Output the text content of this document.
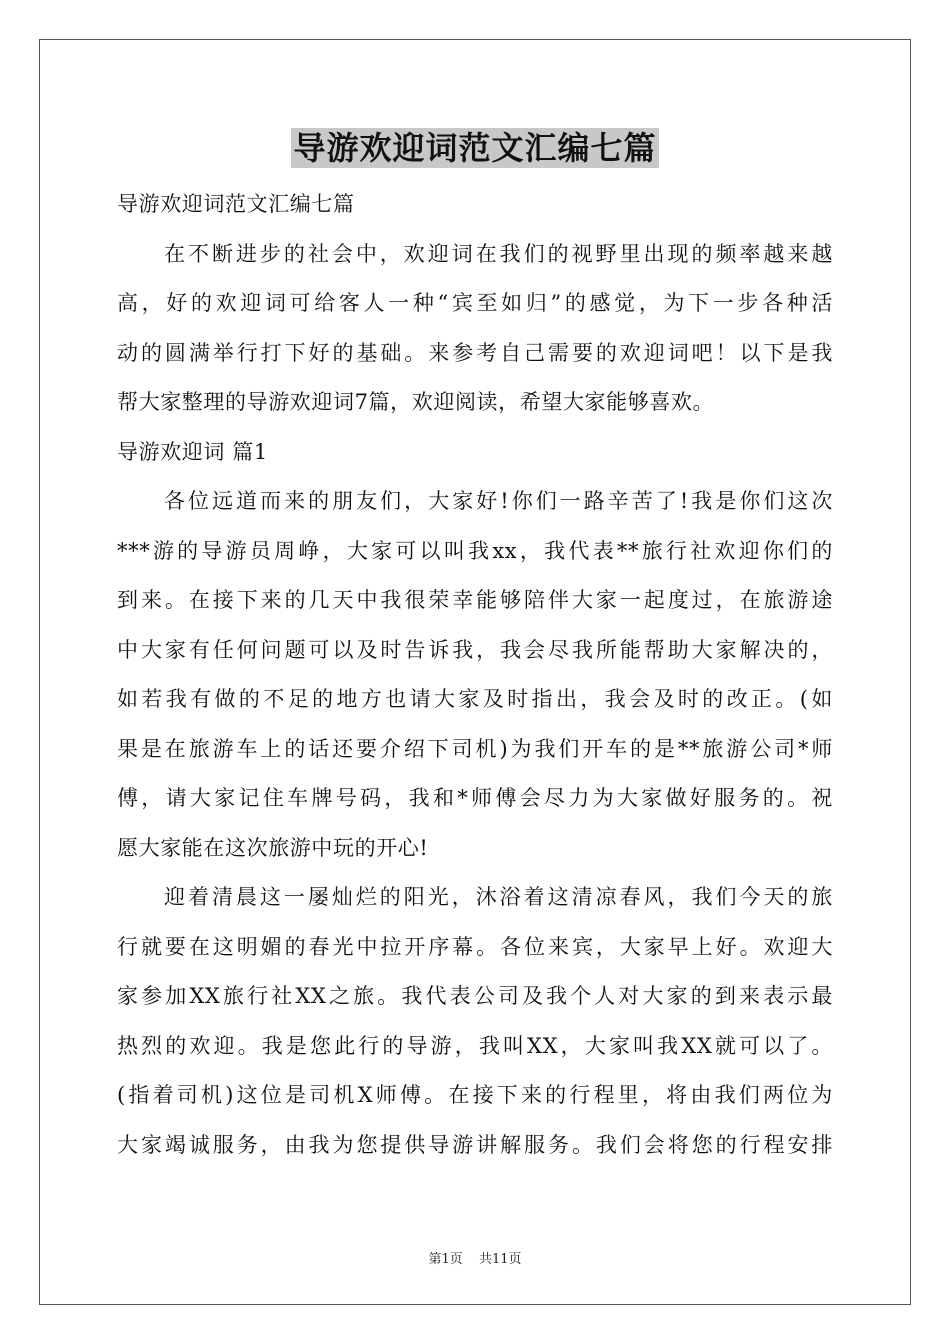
导游欢迎词范文汇编七篇
导游欢迎词范文汇编七篇
在不断进步的社会中，欢迎词在我们的视野里出现的频率越来越
高，好的欢迎词可给客人一种“宾至如归”的感觉，为下一步各种活
动的圆满举行打下好的基础。来参考自己需要的欢迎词吧！以下是我
帮大家整理的导游欢迎词7篇，欢迎阅读，希望大家能够喜欢。
导游欢迎词 篇1
各位远道而来的朋友们，大家好!你们一路辛苦了!我是你们这次
***游的导游员周峥，大家可以叫我xx，我代表**旅行社欢迎你们的
到来。在接下来的几天中我很荣幸能够陪伴大家一起度过，在旅游途
中大家有任何问题可以及时告诉我，我会尽我所能帮助大家解决的，
如若我有做的不足的地方也请大家及时指出，我会及时的改正。(如
果是在旅游车上的话还要介绍下司机)为我们开车的是**旅游公司*师
傅，请大家记住车牌号码，我和*师傅会尽力为大家做好服务的。祝
愿大家能在这次旅游中玩的开心!
迎着清晨这一屡灿烂的阳光，沐浴着这清凉春风，我们今天的旅
行就要在这明媚的春光中拉开序幕。各位来宾，大家早上好。欢迎大
家参加XX旅行社XX之旅。我代表公司及我个人对大家的到来表示最
热烈的欢迎。我是您此行的导游，我叫XX，大家叫我XX就可以了。
(指着司机)这位是司机X师傅。在接下来的行程里，将由我们两位为
大家竭诚服务，由我为您提供导游讲解服务。我们会将您的行程安排
第1页 共11页
